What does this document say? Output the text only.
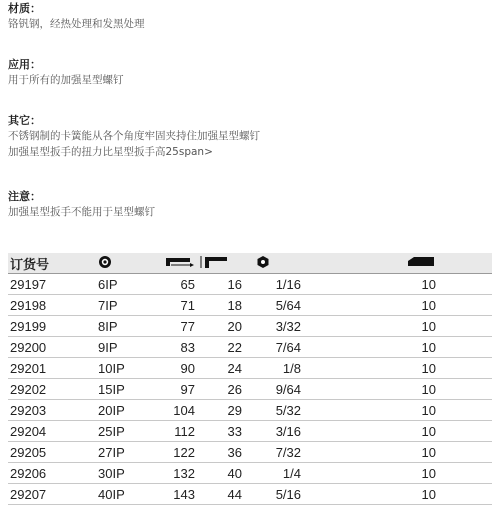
材质：
铬钒钢，经热处理和发黑处理
应用：
用于所有的加强星型螺钉
其它：
不锈钢制的卡簧能从各个角度牢固夹持住加强星型螺钉
加强星型扳手的扭力比星型扳手高25span>
注意：
加强星型扳手不能用于星型螺钉
订货号					
29197	6IP	65	16	1/16	10
29198	7IP	71	18	5/64	10
29199	8IP	77	20	3/32	10
29200	9IP	83	22	7/64	10
29201	10IP	90	24	1/8	10
29202	15IP	97	26	9/64	10
29203	20IP	104	29	5/32	10
29204	25IP	112	33	3/16	10
29205	27IP	122	36	7/32	10
29206	30IP	132	40	1/4	10
29207	40IP	143	44	5/16	10
